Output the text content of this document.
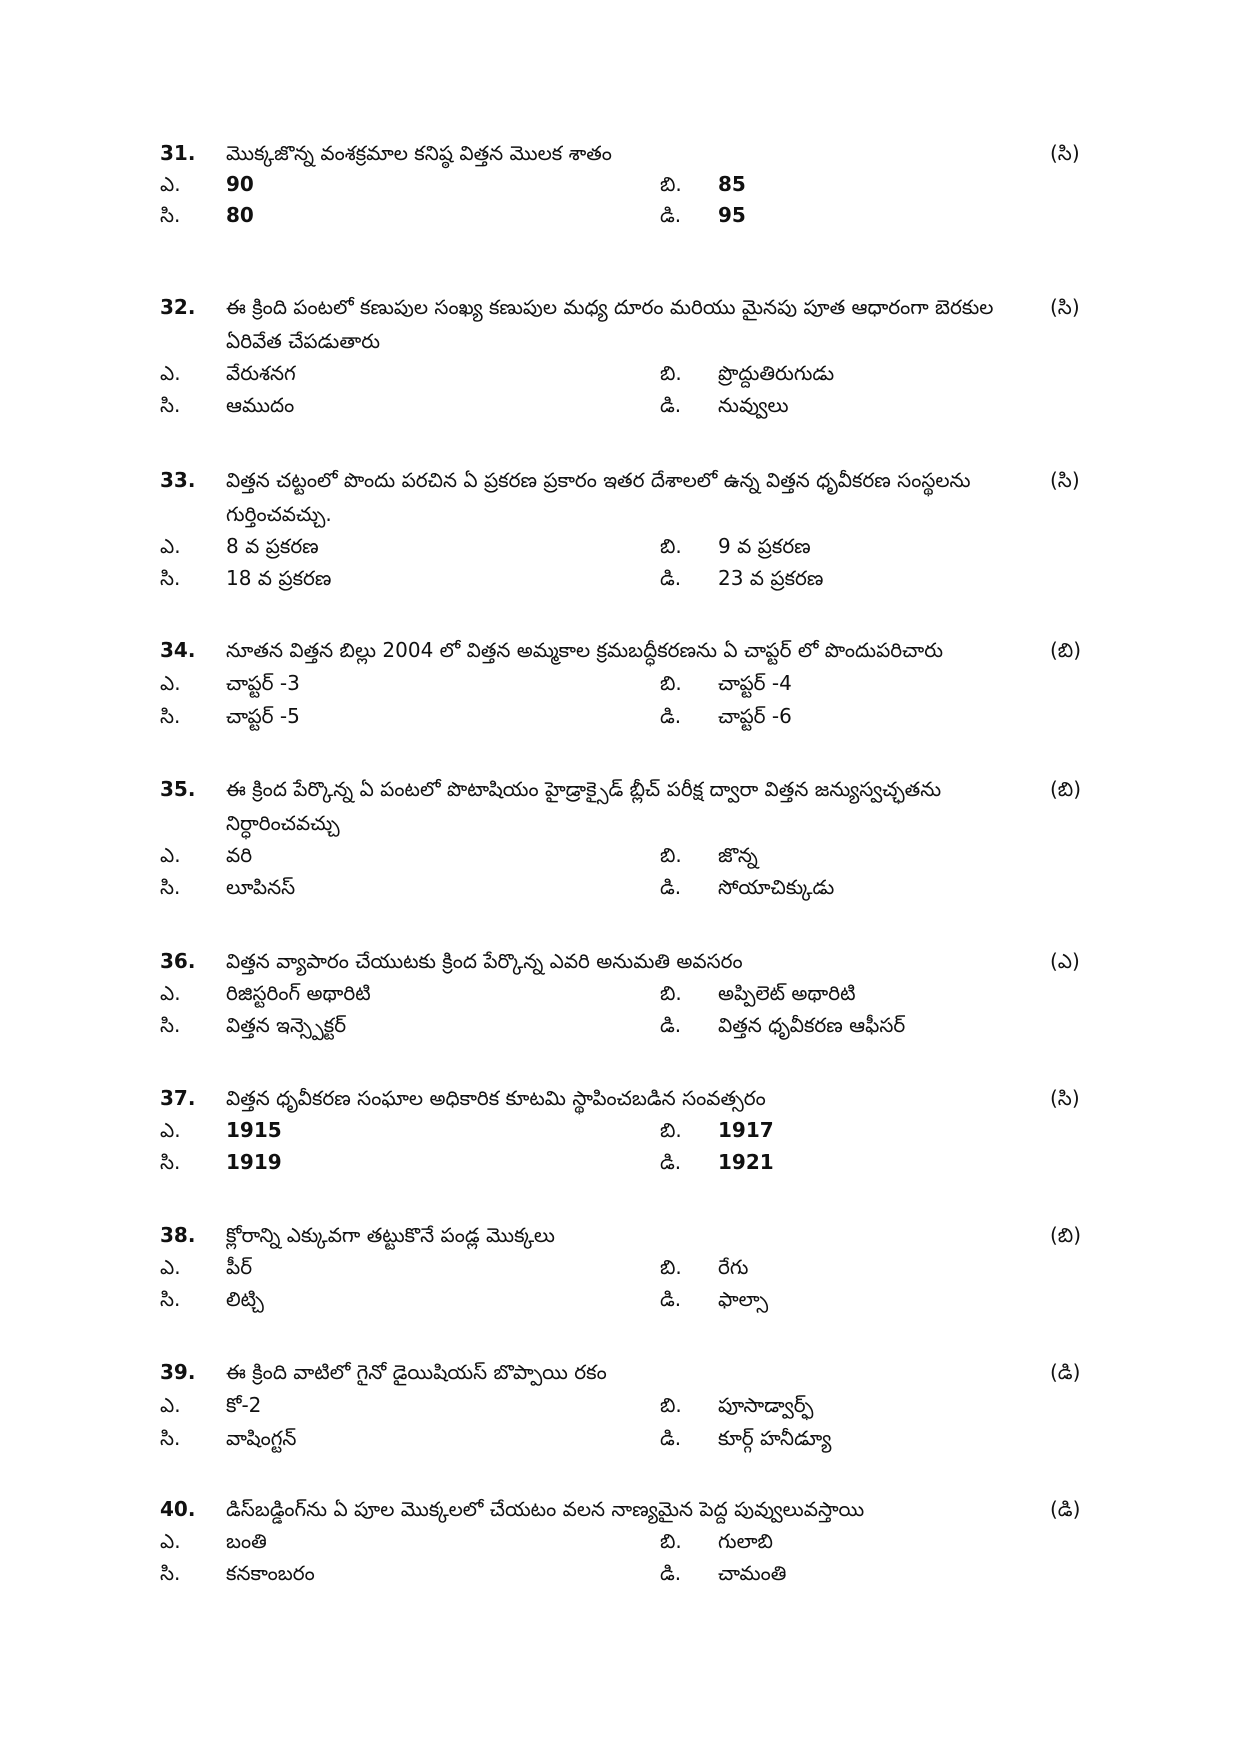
31. మొక్కజొన్న వంశక్రమాల కనిష్ఠ విత్తన మొలక శాతం	(సి)
ఎ. 90	బి. 85
సి. 80	డి. 95
32. ఈ క్రింది పంటలో కణుపుల సంఖ్య కణుపుల మధ్య దూరం మరియు మైనపు పూత ఆధారంగా బెరకుల ఏరివేత చేపడుతారు
(సి)
ఎ. వేరుశనగ	బి. ప్రొద్దుతిరుగుడు
సి. ఆముదం	డి. నువ్వులు
33. విత్తన చట్టంలో పొందు పరచిన ఏ ప్రకరణ ప్రకారం ఇతర దేశాలలో ఉన్న విత్తన ధృవీకరణ సంస్థలను గుర్తించవచ్చు.
(సి)
ఎ. 8 వ ప్రకరణ	బి. 9 వ ప్రకరణ
సి. 18 వ ప్రకరణ	డి. 23 వ ప్రకరణ
34. నూతన విత్తన బిల్లు 2004 లో విత్తన అమ్మకాల క్రమబద్ధీకరణను ఏ చాప్టర్ లో పొందుపరిచారు	(బి)
ఎ. చాప్టర్ -3	బి. చాప్టర్ -4
సి. చాప్టర్ -5	డి. చాప్టర్ -6
35. ఈ క్రింద పేర్కొన్న ఏ పంటలో పొటాషియం హైడ్రాక్సైడ్ బ్లీచ్ పరీక్ష ద్వారా విత్తన జన్యుస్వచ్ఛతను నిర్ధారించవచ్చు
(బి)
ఎ. వరి	బి. జొన్న
సి. లూపినస్	డి. సోయాచిక్కుడు
36. విత్తన వ్యాపారం చేయుటకు క్రింద పేర్కొన్న ఎవరి అనుమతి అవసరం	(ఎ)
ఎ. రిజిస్టరింగ్ అథారిటి	బి. అప్పిలెట్ అథారిటి
సి. విత్తన ఇన్స్పెక్టర్	డి. విత్తన ధృవీకరణ ఆఫీసర్
37. విత్తన ధృవీకరణ సంఘాల అధికారిక కూటమి స్థాపించబడిన సంవత్సరం	(సి)
ఎ. 1915	బి. 1917
సి. 1919	డి. 1921
38. క్లోరాన్ని ఎక్కువగా తట్టుకొనే పండ్ల మొక్కలు	(బి)
ఎ. పీర్	బి. రేగు
సి. లిట్చి	డి. ఫాల్సా
39. ఈ క్రింది వాటిలో గైనో డైయిషియస్ బొప్పాయి రకం	(డి)
ఎ. కో-2	బి. పూసాడ్వార్ఫ్
సి. వాషింగ్టన్	డి. కూర్గ్ హనీడ్యూ
40. డిస్‌బడ్డింగ్‌ను ఏ పూల మొక్కలలో చేయటం వలన నాణ్యమైన పెద్ద పువ్వులువస్తాయి	(డి)
ఎ. బంతి	బి. గులాబి
సి. కనకాంబరం	డి. చామంతి
